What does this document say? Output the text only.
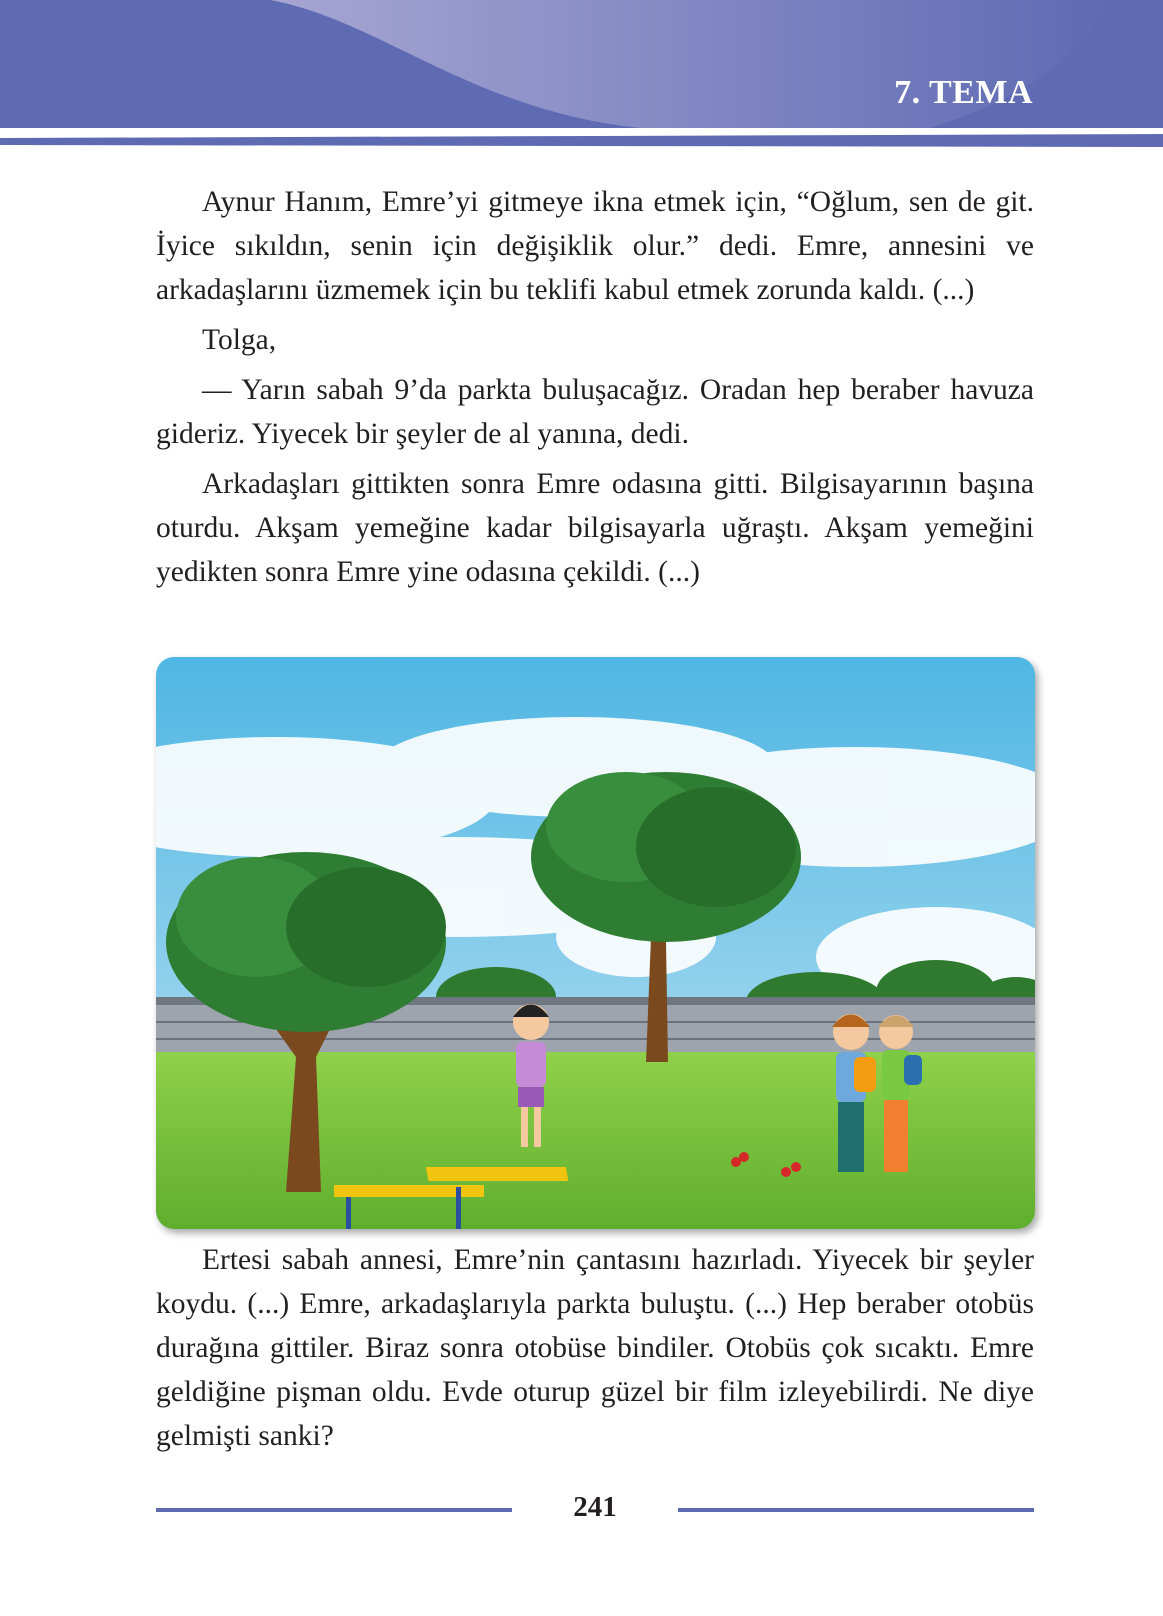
7. TEMA

Aynur Hanım, Emre’yi gitmeye ikna etmek için, “Oğlum, sen de git. İyice sıkıldın, senin için değişiklik olur.” dedi. Emre, annesini ve arkadaşlarını üzmemek için bu teklifi kabul etmek zorunda kaldı. (...)

Tolga,

— Yarın sabah 9’da parkta buluşacağız. Oradan hep beraber havuza gideriz. Yiyecek bir şeyler de al yanına, dedi.

Arkadaşları gittikten sonra Emre odasına gitti. Bilgisayarının başına oturdu. Akşam yemeğine kadar bilgisayarla uğraştı. Akşam yemeğini yedikten sonra Emre yine odasına çekildi. (...)

Ertesi sabah annesi, Emre’nin çantasını hazırladı. Yiyecek bir şeyler koydu. (...) Emre, arkadaşlarıyla parkta buluştu. (...) Hep beraber otobüs durağına gittiler. Biraz sonra otobüse bindiler. Otobüs çok sıcaktı. Emre geldiğine pişman oldu. Evde oturup güzel bir film izleyebilirdi. Ne diye gelmişti sanki?

241
